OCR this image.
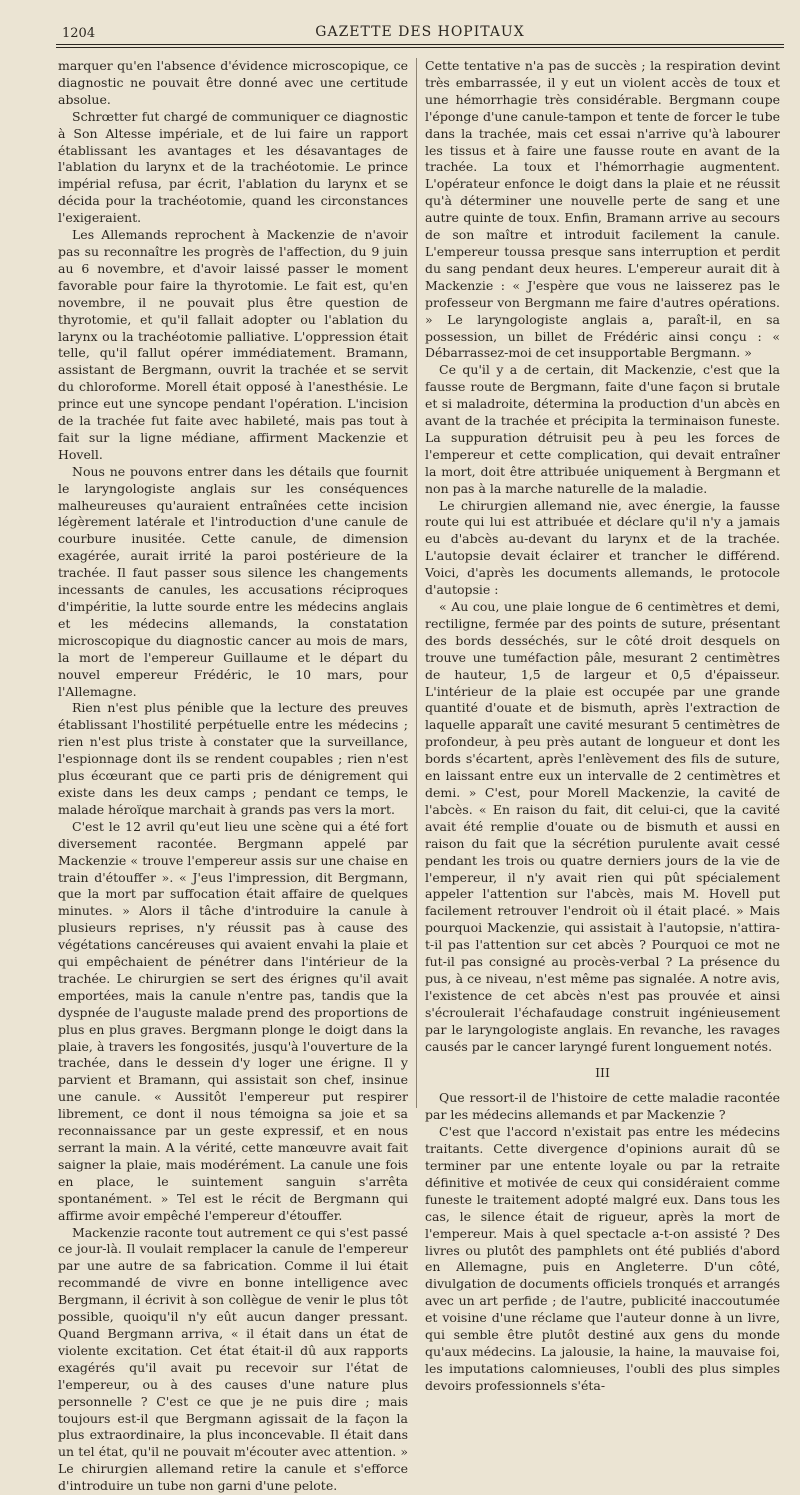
1204	GAZETTE DES HOPITAUX

marquer qu'en l'absence d'évidence microscopique, ce diagnostic ne pouvait être donné avec une certitude absolue.

Schrœtter fut chargé de communiquer ce diagnostic à Son Altesse impériale, et de lui faire un rapport établissant les avantages et les désavantages de l'ablation du larynx et de la trachéotomie. Le prince impérial refusa, par écrit, l'ablation du larynx et se décida pour la trachéotomie, quand les circonstances l'exigeraient.

Les Allemands reprochent à Mackenzie de n'avoir pas su reconnaître les progrès de l'affection, du 9 juin au 6 novembre, et d'avoir laissé passer le moment favorable pour faire la thyrotomie. Le fait est, qu'en novembre, il ne pouvait plus être question de thyrotomie, et qu'il fallait adopter ou l'ablation du larynx ou la trachéotomie palliative. L'oppression était telle, qu'il fallut opérer immédiatement. Bramann, assistant de Bergmann, ouvrit la trachée et se servit du chloroforme. Morell était opposé à l'anesthésie. Le prince eut une syncope pendant l'opération. L'incision de la trachée fut faite avec habileté, mais pas tout à fait sur la ligne médiane, affirment Mackenzie et Hovell.

Nous ne pouvons entrer dans les détails que fournit le laryngologiste anglais sur les conséquences malheureuses qu'auraient entraînées cette incision légèrement latérale et l'introduction d'une canule de courbure inusitée. Cette canule, de dimension exagérée, aurait irrité la paroi postérieure de la trachée. Il faut passer sous silence les changements incessants de canules, les accusations réciproques d'impéritie, la lutte sourde entre les médecins anglais et les médecins allemands, la constatation microscopique du diagnostic cancer au mois de mars, la mort de l'empereur Guillaume et le départ du nouvel empereur Frédéric, le 10 mars, pour l'Allemagne.

Rien n'est plus pénible que la lecture des preuves établissant l'hostilité perpétuelle entre les médecins ; rien n'est plus triste à constater que la surveillance, l'espionnage dont ils se rendent coupables ; rien n'est plus écœurant que ce parti pris de dénigrement qui existe dans les deux camps ; pendant ce temps, le malade héroïque marchait à grands pas vers la mort.

C'est le 12 avril qu'eut lieu une scène qui a été fort diversement racontée. Bergmann appelé par Mackenzie « trouve l'empereur assis sur une chaise en train d'étouffer ». « J'eus l'impression, dit Bergmann, que la mort par suffocation était affaire de quelques minutes. » Alors il tâche d'introduire la canule à plusieurs reprises, n'y réussit pas à cause des végétations cancéreuses qui avaient envahi la plaie et qui empêchaient de pénétrer dans l'intérieur de la trachée. Le chirurgien se sert des érignes qu'il avait emportées, mais la canule n'entre pas, tandis que la dyspnée de l'auguste malade prend des proportions de plus en plus graves. Bergmann plonge le doigt dans la plaie, à travers les fongosités, jusqu'à l'ouverture de la trachée, dans le dessein d'y loger une érigne. Il y parvient et Bramann, qui assistait son chef, insinue une canule. « Aussitôt l'empereur put respirer librement, ce dont il nous témoigna sa joie et sa reconnaissance par un geste expressif, et en nous serrant la main. A la vérité, cette manœuvre avait fait saigner la plaie, mais modérément. La canule une fois en place, le suintement sanguin s'arrêta spontanément. » Tel est le récit de Bergmann qui affirme avoir empêché l'empereur d'étouffer.

Mackenzie raconte tout autrement ce qui s'est passé ce jour-là. Il voulait remplacer la canule de l'empereur par une autre de sa fabrication. Comme il lui était recommandé de vivre en bonne intelligence avec Bergmann, il écrivit à son collègue de venir le plus tôt possible, quoiqu'il n'y eût aucun danger pressant. Quand Bergmann arriva, « il était dans un état de violente excitation. Cet état était-il dû aux rapports exagérés qu'il avait pu recevoir sur l'état de l'empereur, ou à des causes d'une nature plus personnelle ? C'est ce que je ne puis dire ; mais toujours est-il que Bergmann agissait de la façon la plus extraordinaire, la plus inconcevable. Il était dans un tel état, qu'il ne pouvait m'écouter avec attention. » Le chirurgien allemand retire la canule et s'efforce d'introduire un tube non garni d'une pelote.

Cette tentative n'a pas de succès ; la respiration devint très embarrassée, il y eut un violent accès de toux et une hémorrhagie très considérable. Bergmann coupe l'éponge d'une canule-tampon et tente de forcer le tube dans la trachée, mais cet essai n'arrive qu'à labourer les tissus et à faire une fausse route en avant de la trachée. La toux et l'hémorrhagie augmentent. L'opérateur enfonce le doigt dans la plaie et ne réussit qu'à déterminer une nouvelle perte de sang et une autre quinte de toux. Enfin, Bramann arrive au secours de son maître et introduit facilement la canule. L'empereur toussa presque sans interruption et perdit du sang pendant deux heures. L'empereur aurait dit à Mackenzie : « J'espère que vous ne laisserez pas le professeur von Bergmann me faire d'autres opérations. » Le laryngologiste anglais a, paraît-il, en sa possession, un billet de Frédéric ainsi conçu : « Débarrassez-moi de cet insupportable Bergmann. »

Ce qu'il y a de certain, dit Mackenzie, c'est que la fausse route de Bergmann, faite d'une façon si brutale et si maladroite, détermina la production d'un abcès en avant de la trachée et précipita la terminaison funeste. La suppuration détruisit peu à peu les forces de l'empereur et cette complication, qui devait entraîner la mort, doit être attribuée uniquement à Bergmann et non pas à la marche naturelle de la maladie.

Le chirurgien allemand nie, avec énergie, la fausse route qui lui est attribuée et déclare qu'il n'y a jamais eu d'abcès au-devant du larynx et de la trachée. L'autopsie devait éclairer et trancher le différend. Voici, d'après les documents allemands, le protocole d'autopsie :

« Au cou, une plaie longue de 6 centimètres et demi, rectiligne, fermée par des points de suture, présentant des bords desséchés, sur le côté droit desquels on trouve une tuméfaction pâle, mesurant 2 centimètres de hauteur, 1,5 de largeur et 0,5 d'épaisseur. L'intérieur de la plaie est occupée par une grande quantité d'ouate et de bismuth, après l'extraction de laquelle apparaît une cavité mesurant 5 centimètres de profondeur, à peu près autant de longueur et dont les bords s'écartent, après l'enlèvement des fils de suture, en laissant entre eux un intervalle de 2 centimètres et demi. » C'est, pour Morell Mackenzie, la cavité de l'abcès. « En raison du fait, dit celui-ci, que la cavité avait été remplie d'ouate ou de bismuth et aussi en raison du fait que la sécrétion purulente avait cessé pendant les trois ou quatre derniers jours de la vie de l'empereur, il n'y avait rien qui pût spécialement appeler l'attention sur l'abcès, mais M. Hovell put facilement retrouver l'endroit où il était placé. » Mais pourquoi Mackenzie, qui assistait à l'autopsie, n'attira-t-il pas l'attention sur cet abcès ? Pourquoi ce mot ne fut-il pas consigné au procès-verbal ? La présence du pus, à ce niveau, n'est même pas signalée. A notre avis, l'existence de cet abcès n'est pas prouvée et ainsi s'écroulerait l'échafaudage construit ingénieusement par le laryngologiste anglais. En revanche, les ravages causés par le cancer laryngé furent longuement notés.

III

Que ressort-il de l'histoire de cette maladie racontée par les médecins allemands et par Mackenzie ?

C'est que l'accord n'existait pas entre les médecins traitants. Cette divergence d'opinions aurait dû se terminer par une entente loyale ou par la retraite définitive et motivée de ceux qui considéraient comme funeste le traitement adopté malgré eux. Dans tous les cas, le silence était de rigueur, après la mort de l'empereur. Mais à quel spectacle a-t-on assisté ? Des livres ou plutôt des pamphlets ont été publiés d'abord en Allemagne, puis en Angleterre. D'un côté, divulgation de documents officiels tronqués et arrangés avec un art perfide ; de l'autre, publicité inaccoutumée et voisine d'une réclame que l'auteur donne à un livre, qui semble être plutôt destiné aux gens du monde qu'aux médecins. La jalousie, la haine, la mauvaise foi, les imputations calomnieuses, l'oubli des plus simples devoirs professionnels s'éta-
